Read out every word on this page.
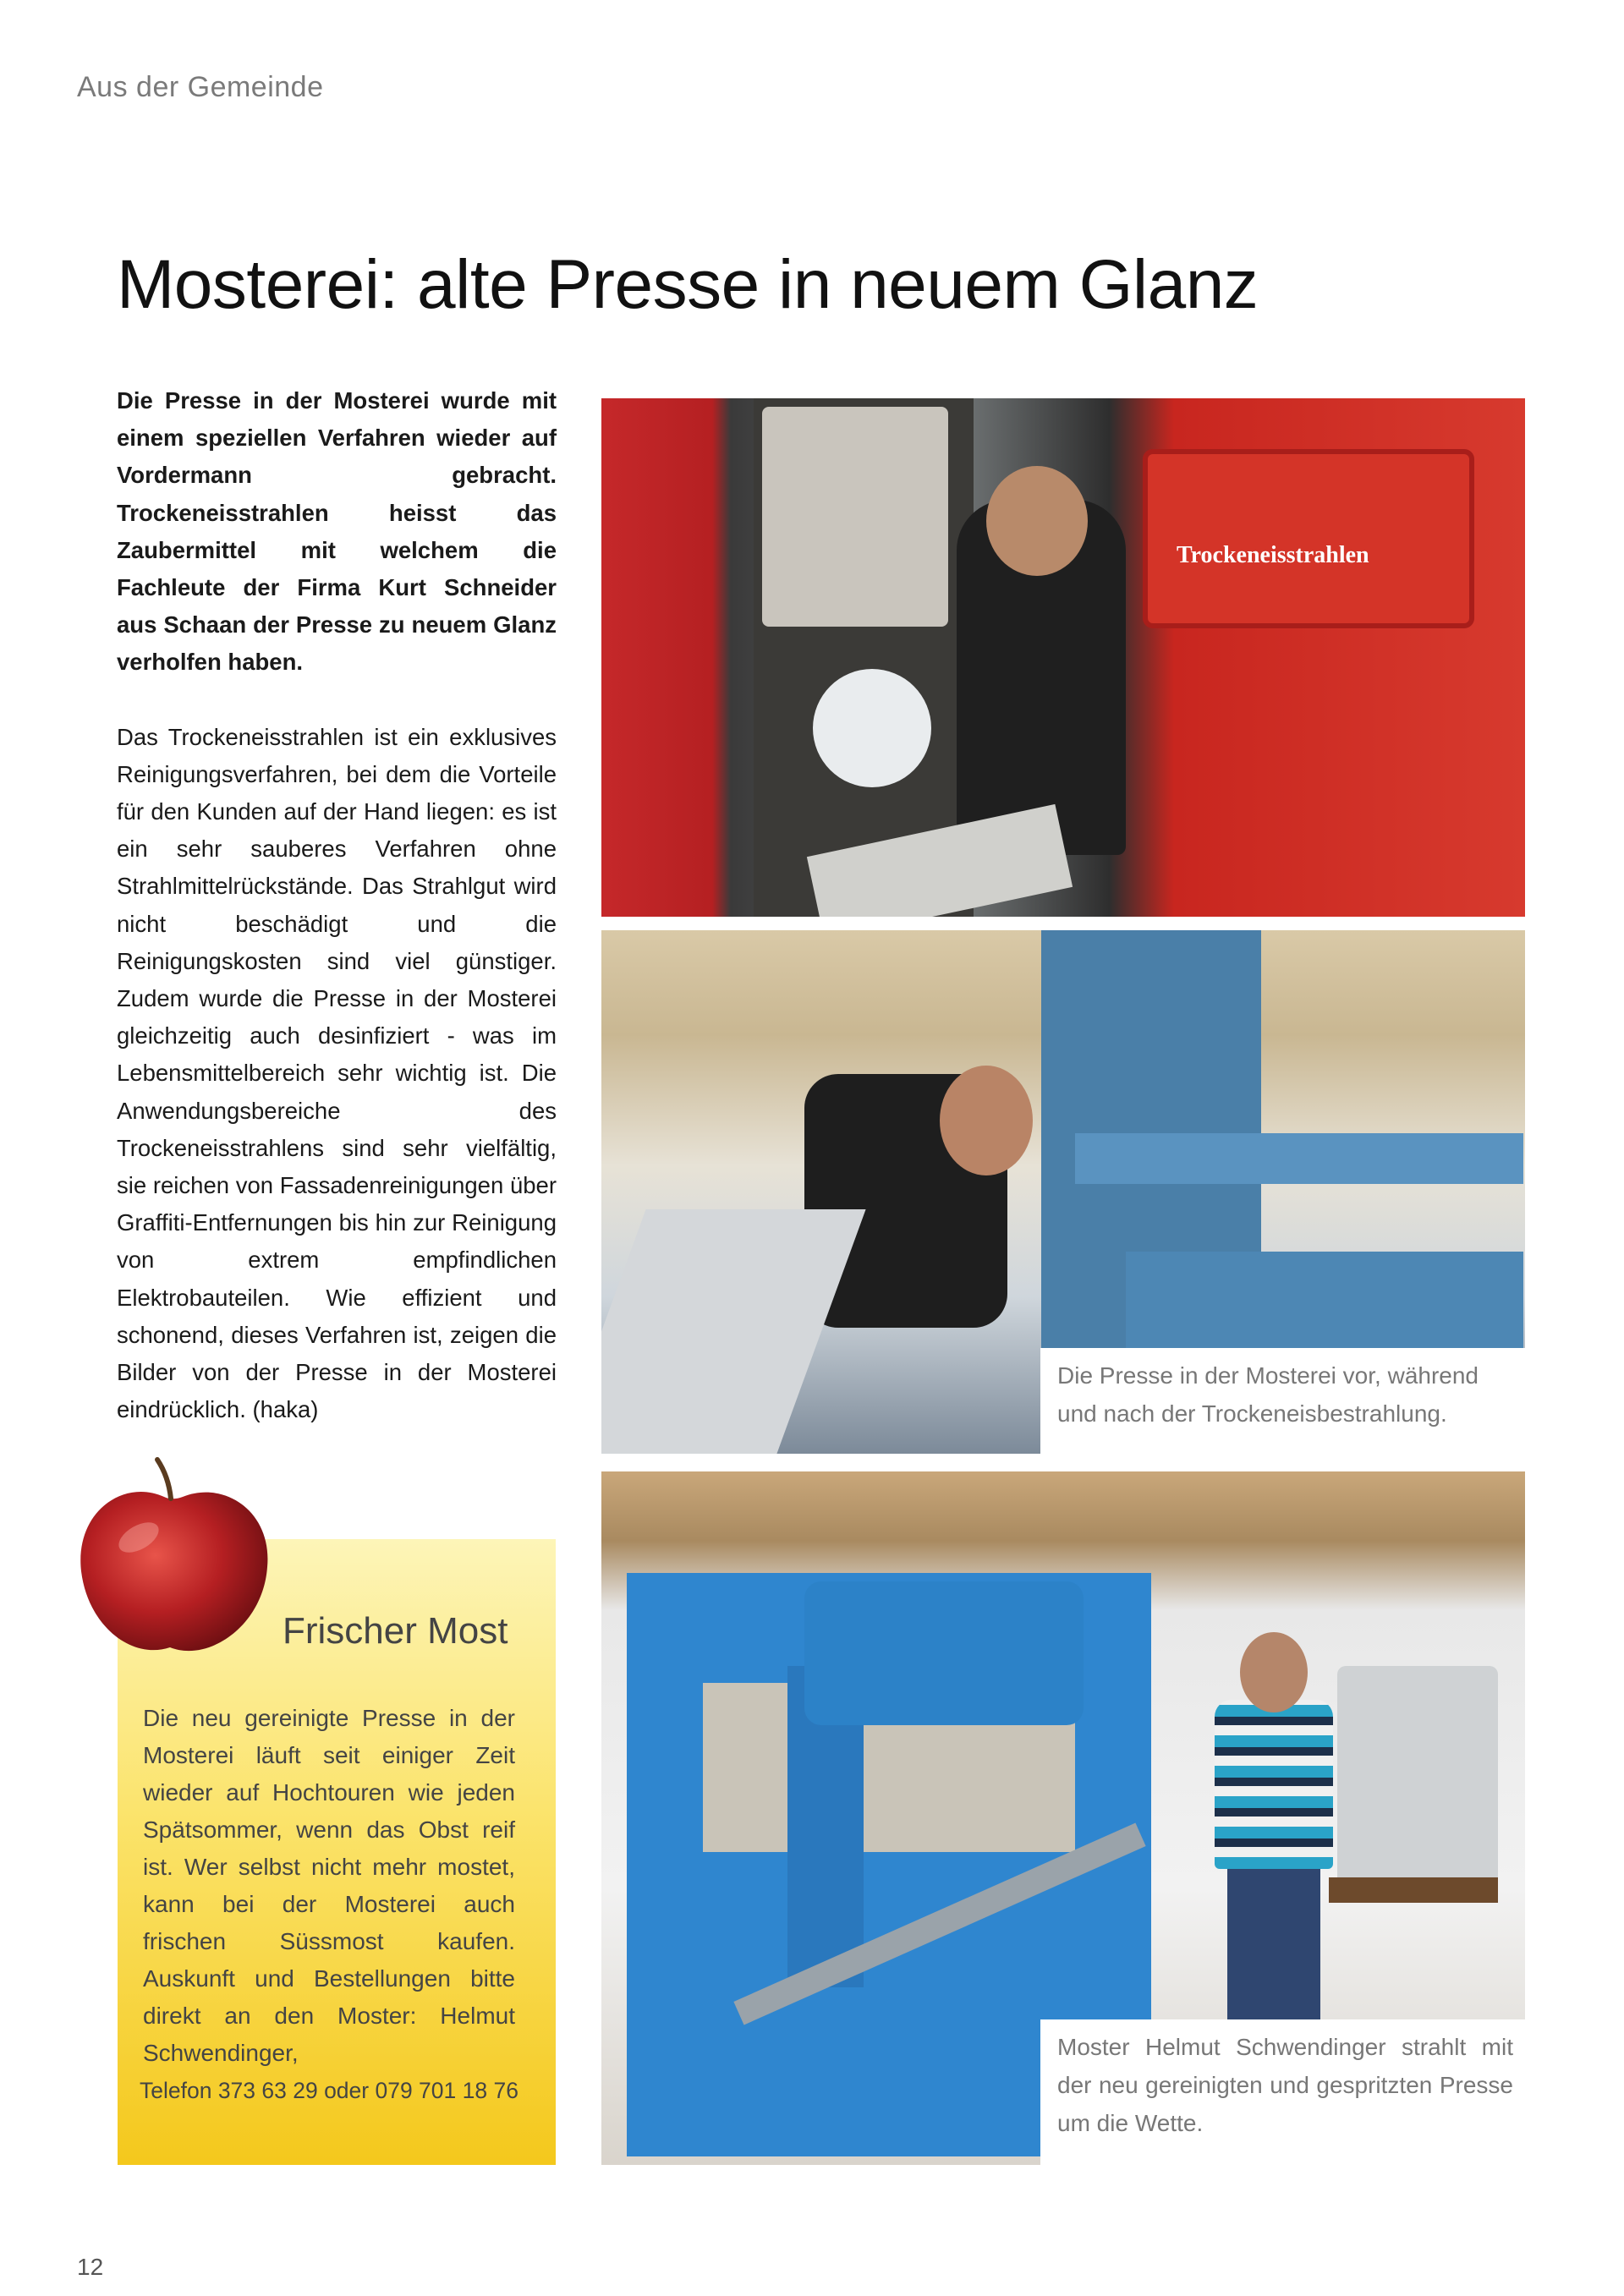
Aus der Gemeinde
Mosterei: alte Presse in neuem Glanz

Die Presse in der Mosterei wurde mit einem speziellen Verfahren wieder auf Vordermann gebracht. Trockeneisstrahlen heisst das Zaubermittel mit welchem die Fachleute der Firma Kurt Schneider aus Schaan der Presse zu neuem Glanz verholfen haben.

Das Trockeneisstrahlen ist ein exklusives Reinigungsverfahren, bei dem die Vorteile für den Kunden auf der Hand liegen: es ist ein sehr sauberes Verfahren ohne Strahlmittelrückstände. Das Strahlgut wird nicht beschädigt und die Reinigungskosten sind viel günstiger. Zudem wurde die Presse in der Mosterei gleichzeitig auch desinfiziert - was im Lebensmittelbereich sehr wichtig ist. Die Anwendungsbereiche des Trockeneisstrahlens sind sehr vielfältig, sie reichen von Fassadenreinigungen über Graffiti-Entfernungen bis hin zur Reinigung von extrem empfindlichen Elektrobauteilen. Wie effizient und schonend, dieses Verfahren ist, zeigen die Bilder von der Presse in der Mosterei eindrücklich. (haka)

Trockeneisstrahlen
Die Presse in der Mosterei vor, während und nach der Trockeneisbestrahlung.
Moster Helmut Schwendinger strahlt mit der neu gereinigten und gespritzten Presse um die Wette.
Frischer Most
Die neu gereinigte Presse in der Mosterei läuft seit einiger Zeit wieder auf Hochtouren wie jeden Spätsommer, wenn das Obst reif ist. Wer selbst nicht mehr mostet, kann bei der Mosterei auch frischen Süssmost kaufen. Auskunft und Bestellungen bitte direkt an den Moster: Helmut Schwendinger,
Telefon 373 63 29 oder 079 701 18 76
12
